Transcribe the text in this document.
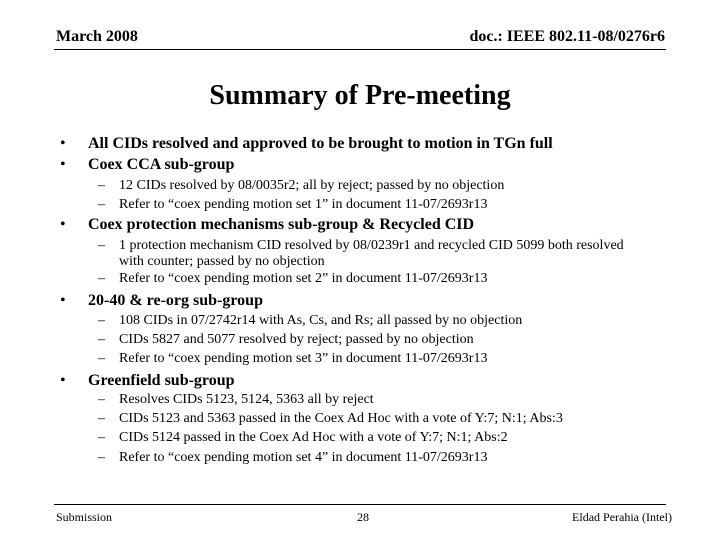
March 2008	doc.: IEEE 802.11-08/0276r6
Summary of Pre-meeting
• All CIDs resolved and approved to be brought to motion in TGn full
• Coex CCA sub-group
– 12 CIDs resolved by 08/0035r2; all by reject; passed by no objection
– Refer to “coex pending motion set 1” in document 11-07/2693r13
• Coex protection mechanisms sub-group & Recycled CID
– 1 protection mechanism CID resolved by 08/0239r1 and recycled CID 5099 both resolved with counter; passed by no objection
– Refer to “coex pending motion set 2” in document 11-07/2693r13
• 20-40 & re-org sub-group
– 108 CIDs in 07/2742r14 with As, Cs, and Rs; all passed by no objection
– CIDs 5827 and 5077 resolved by reject; passed by no objection
– Refer to “coex pending motion set 3” in document 11-07/2693r13
• Greenfield sub-group
– Resolves CIDs 5123, 5124, 5363 all by reject
– CIDs 5123 and 5363 passed in the Coex Ad Hoc with a vote of Y:7; N:1; Abs:3
– CIDs 5124 passed in the Coex Ad Hoc with a vote of Y:7; N:1; Abs:2
– Refer to “coex pending motion set 4” in document 11-07/2693r13
Submission	28	Eldad Perahia (Intel)
